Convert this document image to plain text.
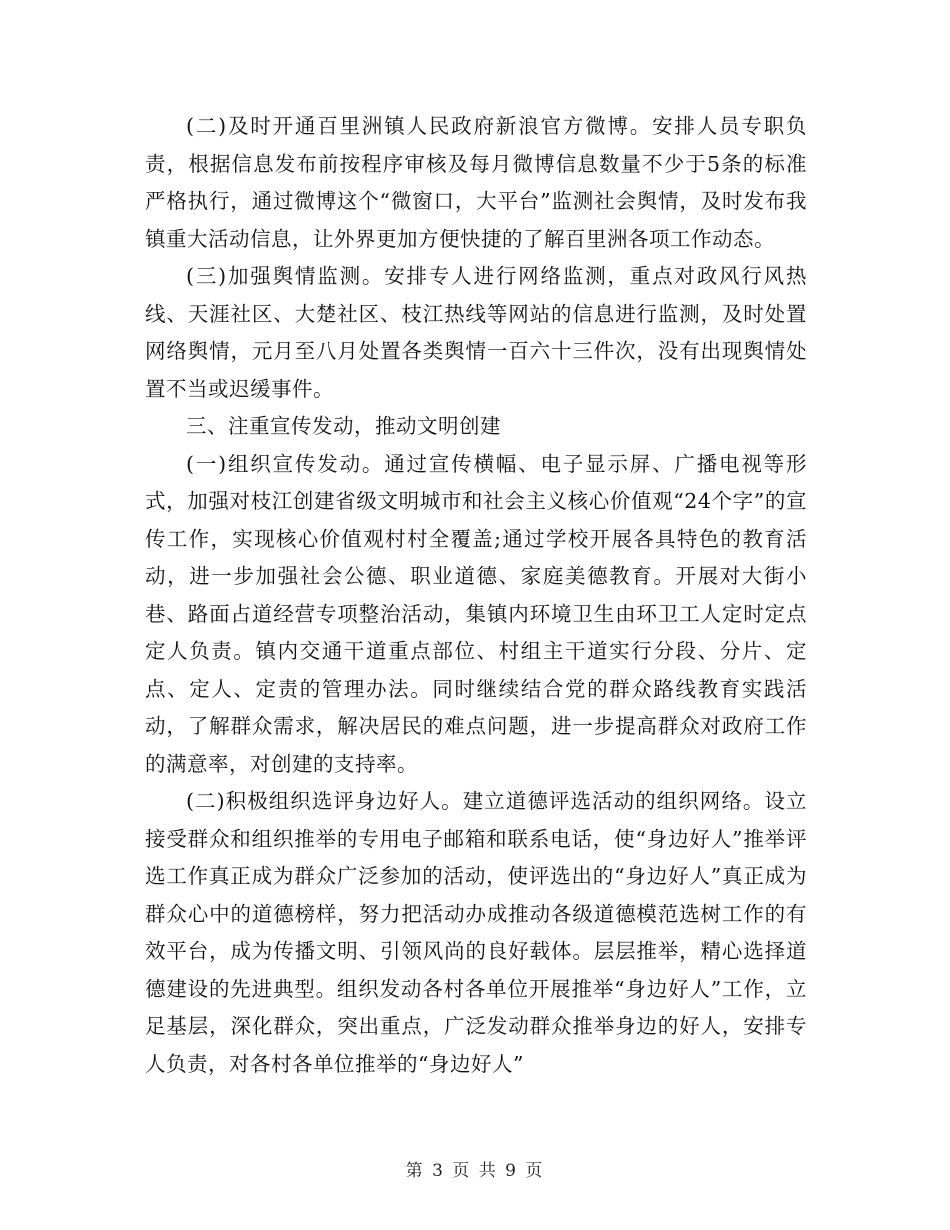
(二)及时开通百里洲镇人民政府新浪官方微博。安排人员专职负责，根据信息发布前按程序审核及每月微博信息数量不少于5条的标准严格执行，通过微博这个“微窗口，大平台”监测社会舆情，及时发布我镇重大活动信息，让外界更加方便快捷的了解百里洲各项工作动态。

(三)加强舆情监测。安排专人进行网络监测，重点对政风行风热线、天涯社区、大楚社区、枝江热线等网站的信息进行监测，及时处置网络舆情，元月至八月处置各类舆情一百六十三件次，没有出现舆情处置不当或迟缓事件。

三、注重宣传发动，推动文明创建

(一)组织宣传发动。通过宣传横幅、电子显示屏、广播电视等形式，加强对枝江创建省级文明城市和社会主义核心价值观“24个字”的宣传工作，实现核心价值观村村全覆盖;通过学校开展各具特色的教育活动，进一步加强社会公德、职业道德、家庭美德教育。开展对大街小巷、路面占道经营专项整治活动，集镇内环境卫生由环卫工人定时定点定人负责。镇内交通干道重点部位、村组主干道实行分段、分片、定点、定人、定责的管理办法。同时继续结合党的群众路线教育实践活动，了解群众需求，解决居民的难点问题，进一步提高群众对政府工作的满意率，对创建的支持率。

(二)积极组织选评身边好人。建立道德评选活动的组织网络。设立接受群众和组织推举的专用电子邮箱和联系电话，使“身边好人”推举评选工作真正成为群众广泛参加的活动，使评选出的“身边好人”真正成为群众心中的道德榜样，努力把活动办成推动各级道德模范选树工作的有效平台，成为传播文明、引领风尚的良好载体。层层推举，精心选择道德建设的先进典型。组织发动各村各单位开展推举“身边好人”工作，立足基层，深化群众，突出重点，广泛发动群众推举身边的好人，安排专人负责，对各村各单位推举的“身边好人”

第 3 页 共 9 页
